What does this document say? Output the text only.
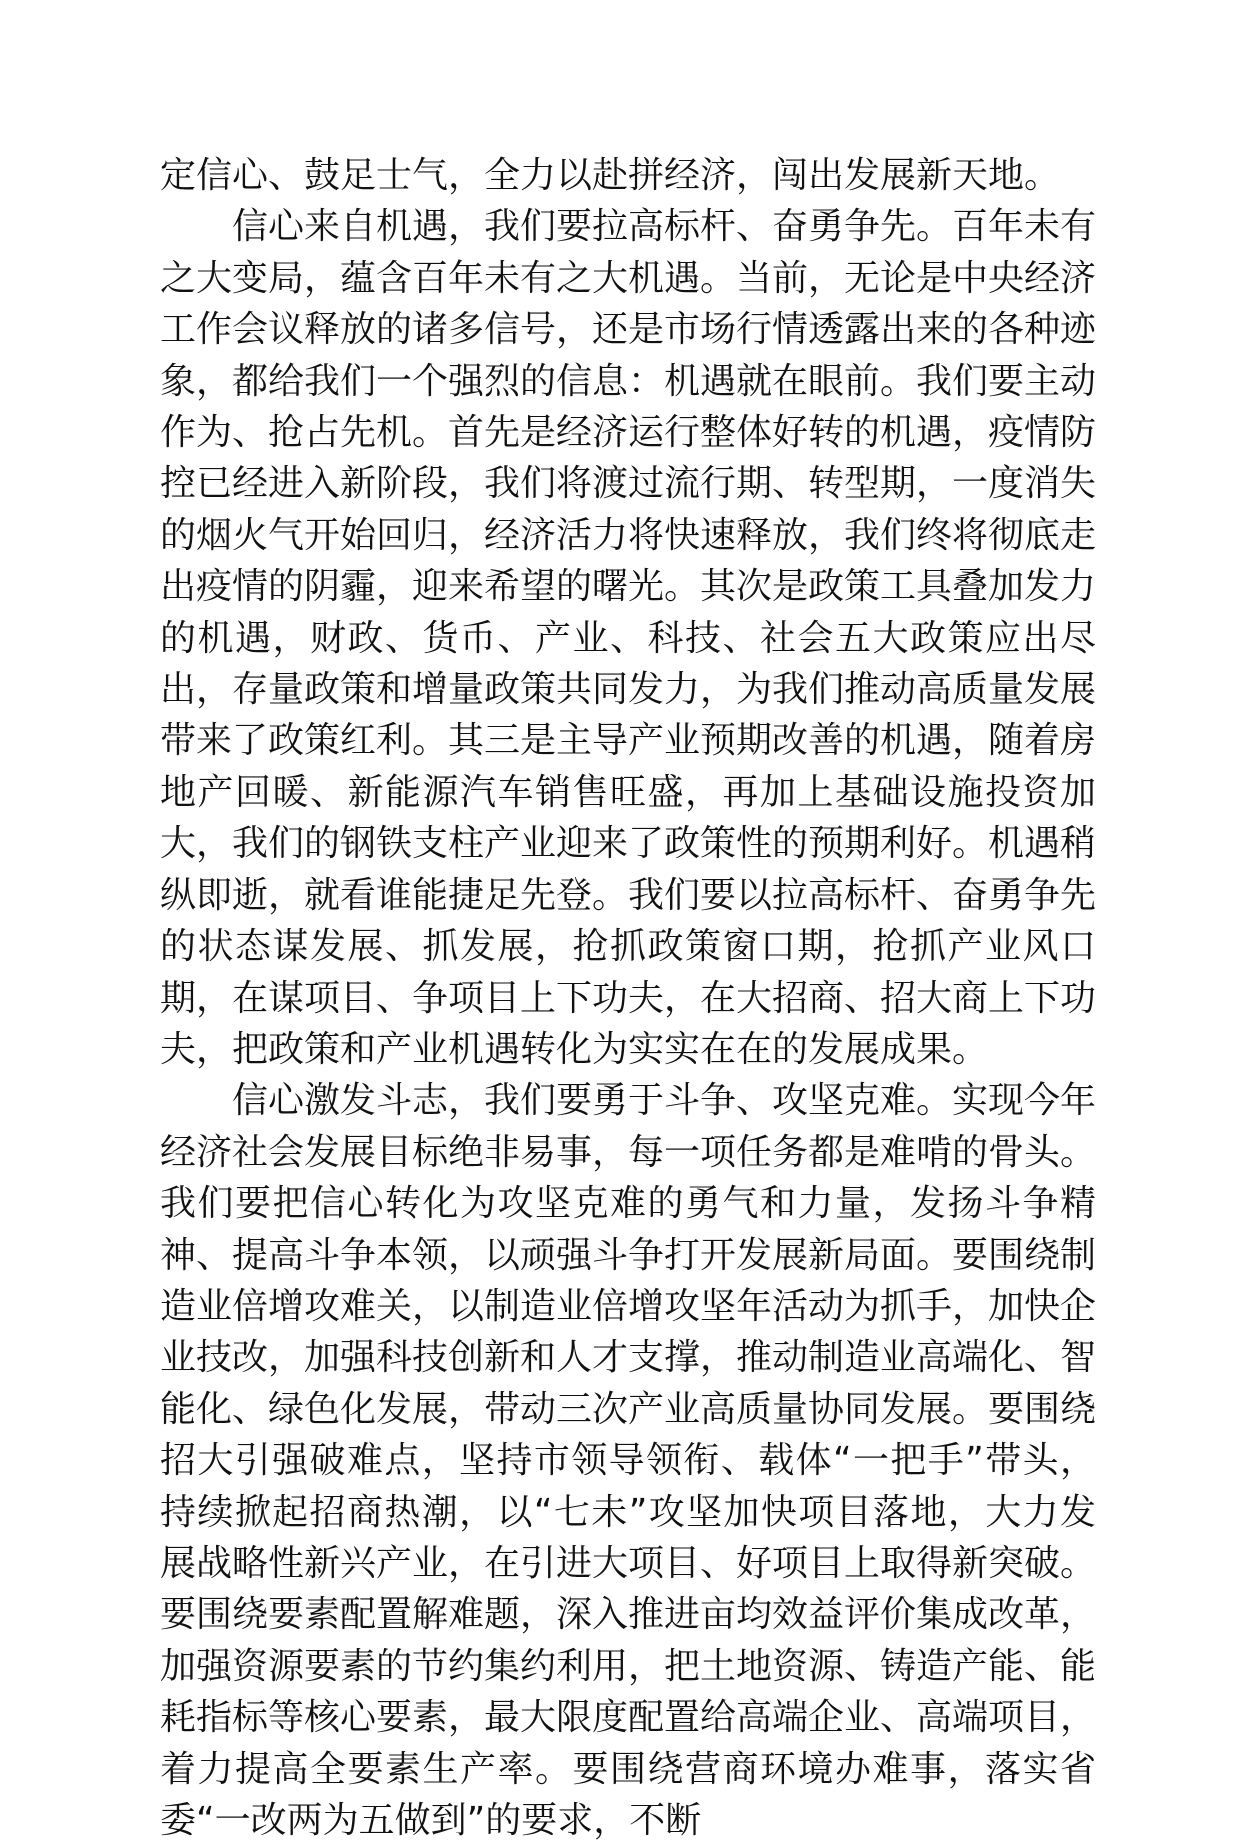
定信心、鼓足士气，全力以赴拼经济，闯出发展新天地。

信心来自机遇，我们要拉高标杆、奋勇争先。百年未有之大变局，蕴含百年未有之大机遇。当前，无论是中央经济工作会议释放的诸多信号，还是市场行情透露出来的各种迹象，都给我们一个强烈的信息：机遇就在眼前。我们要主动作为、抢占先机。首先是经济运行整体好转的机遇，疫情防控已经进入新阶段，我们将渡过流行期、转型期，一度消失的烟火气开始回归，经济活力将快速释放，我们终将彻底走出疫情的阴霾，迎来希望的曙光。其次是政策工具叠加发力的机遇，财政、货币、产业、科技、社会五大政策应出尽出，存量政策和增量政策共同发力，为我们推动高质量发展带来了政策红利。其三是主导产业预期改善的机遇，随着房地产回暖、新能源汽车销售旺盛，再加上基础设施投资加大，我们的钢铁支柱产业迎来了政策性的预期利好。机遇稍纵即逝，就看谁能捷足先登。我们要以拉高标杆、奋勇争先的状态谋发展、抓发展，抢抓政策窗口期，抢抓产业风口期，在谋项目、争项目上下功夫，在大招商、招大商上下功夫，把政策和产业机遇转化为实实在在的发展成果。

信心激发斗志，我们要勇于斗争、攻坚克难。实现今年经济社会发展目标绝非易事，每一项任务都是难啃的骨头。我们要把信心转化为攻坚克难的勇气和力量，发扬斗争精神、提高斗争本领，以顽强斗争打开发展新局面。要围绕制造业倍增攻难关，以制造业倍增攻坚年活动为抓手，加快企业技改，加强科技创新和人才支撑，推动制造业高端化、智能化、绿色化发展，带动三次产业高质量协同发展。要围绕招大引强破难点，坚持市领导领衔、载体“一把手”带头，持续掀起招商热潮，以“七未”攻坚加快项目落地，大力发展战略性新兴产业，在引进大项目、好项目上取得新突破。要围绕要素配置解难题，深入推进亩均效益评价集成改革，加强资源要素的节约集约利用，把土地资源、铸造产能、能耗指标等核心要素，最大限度配置给高端企业、高端项目，着力提高全要素生产率。要围绕营商环境办难事，落实省委“一改两为五做到”的要求，不断
